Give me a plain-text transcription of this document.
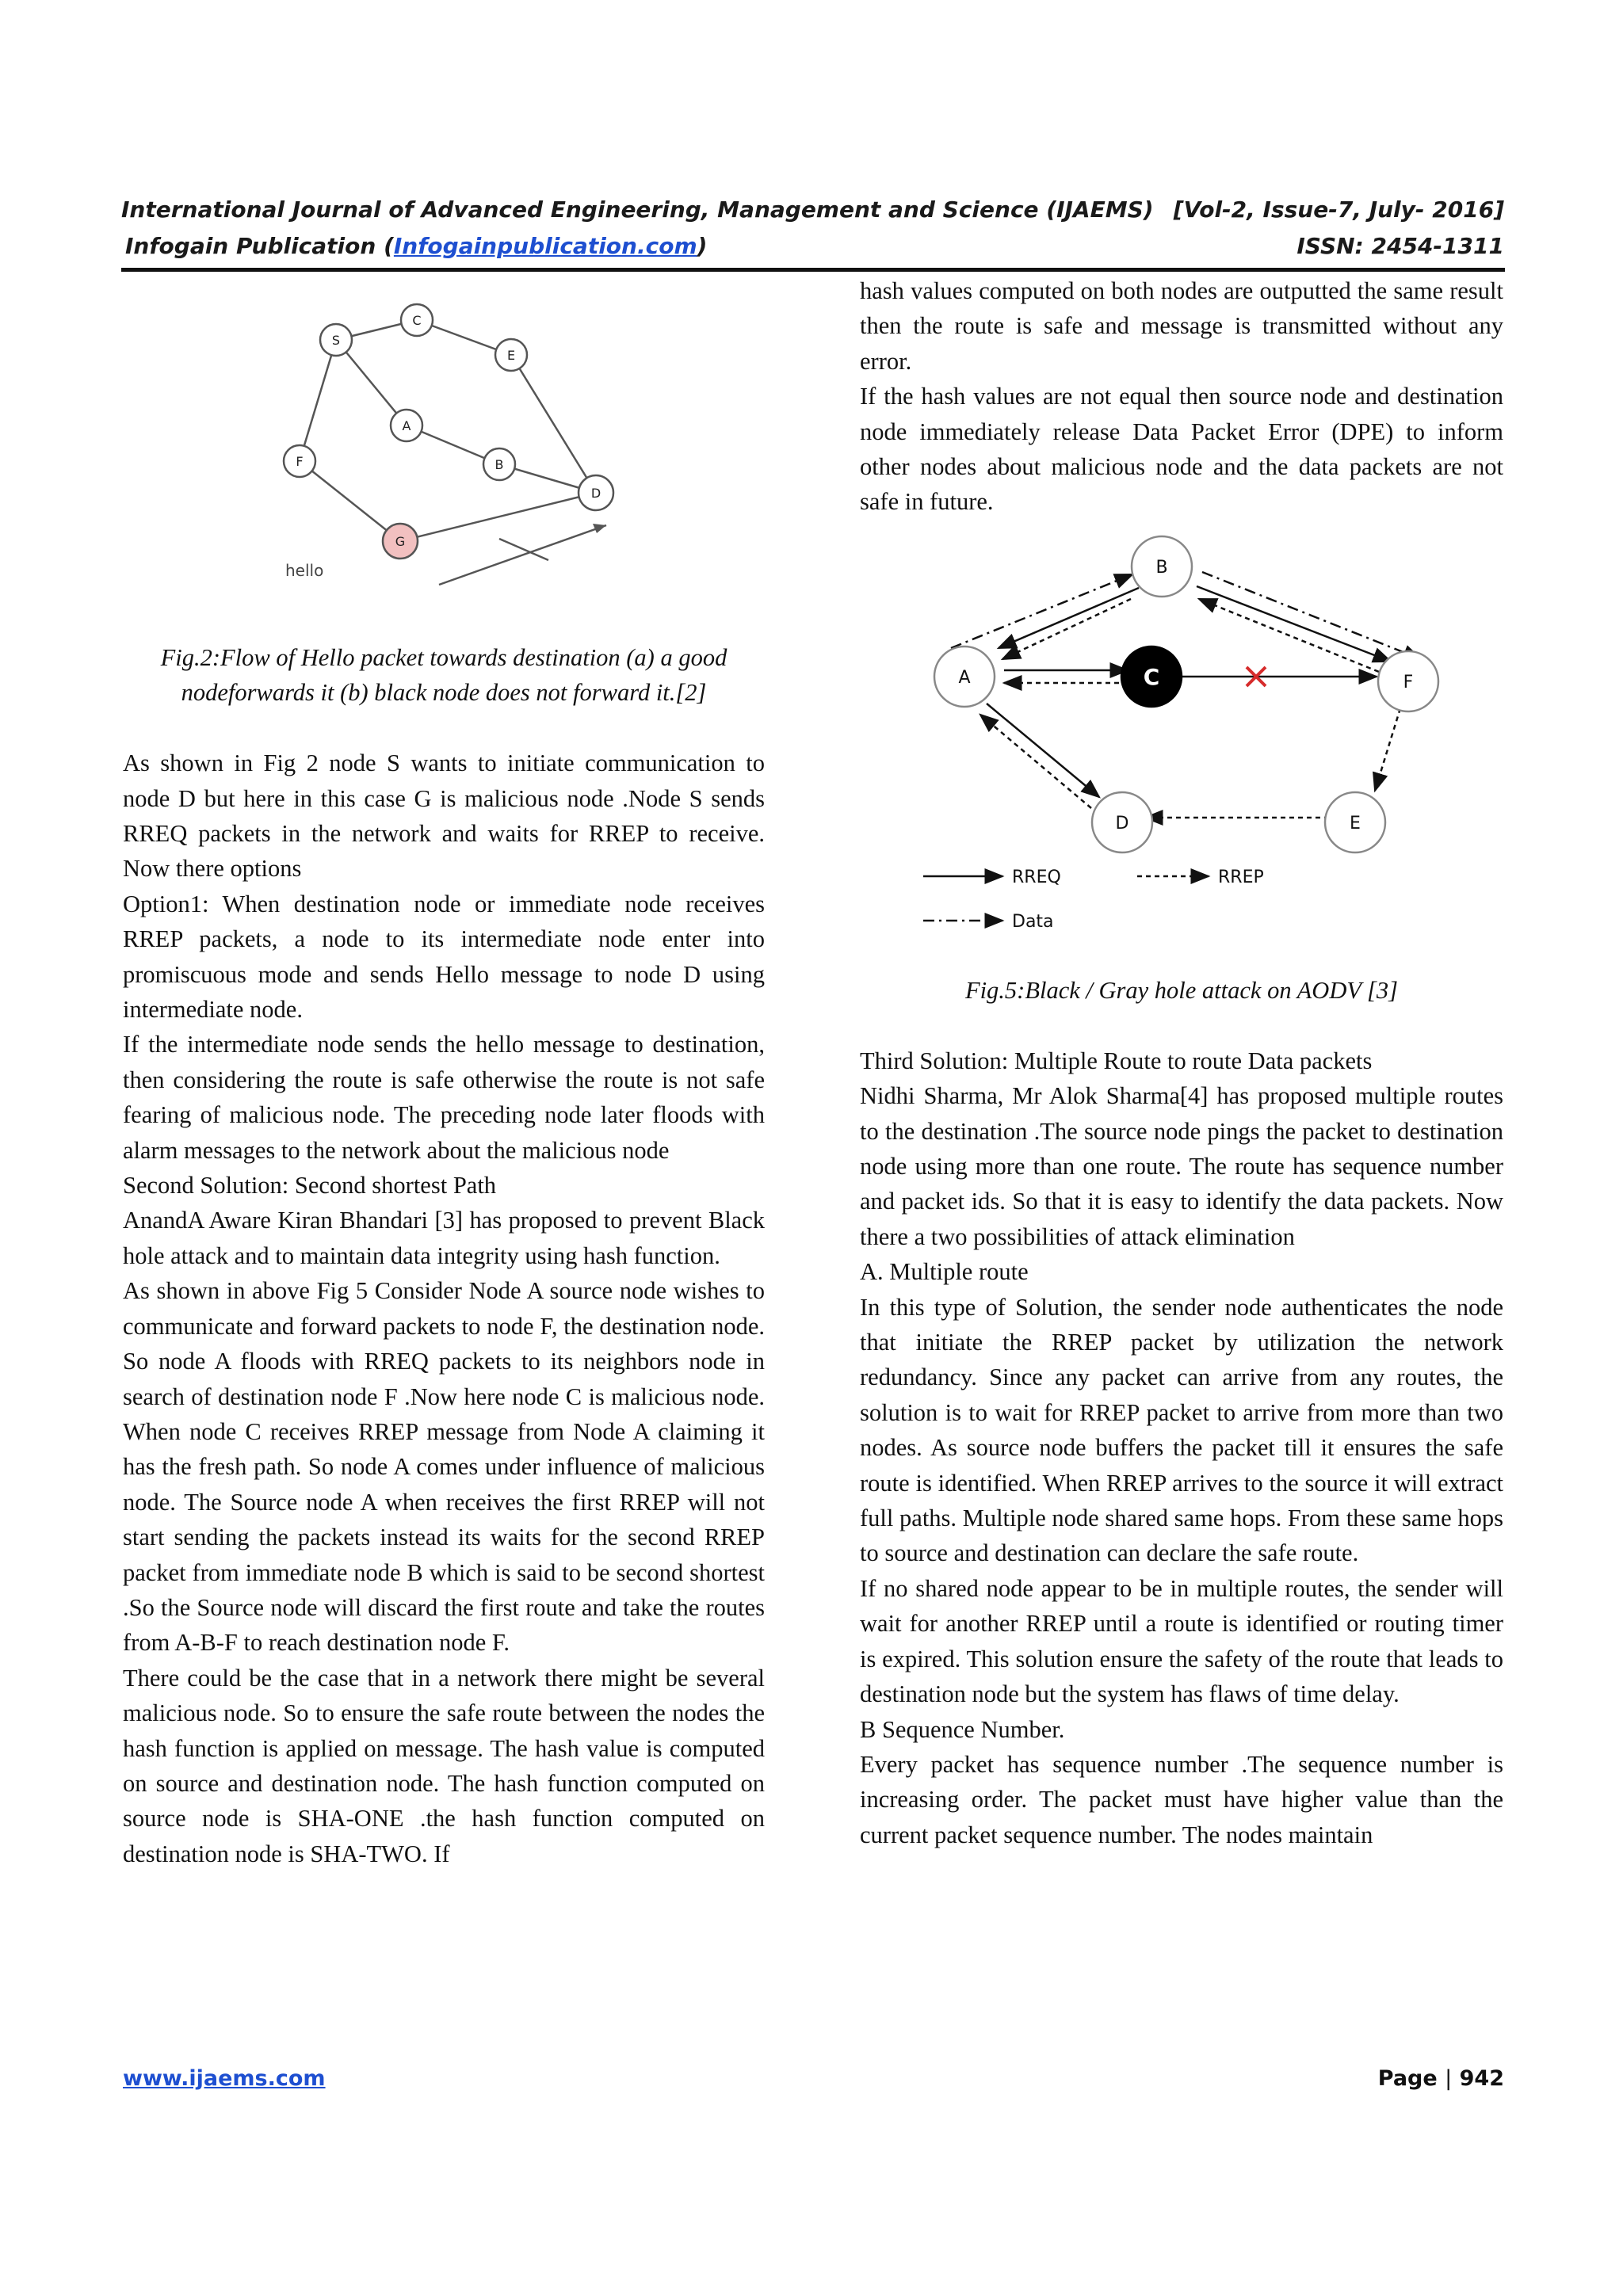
International Journal of Advanced Engineering, Management and Science (IJAEMS) [Vol-2, Issue-7, July- 2016]
Infogain Publication (Infogainpublication.com)	ISSN: 2454-1311
C
E
S
A
B
F
D
G
hello

Fig.2:Flow of Hello packet towards destination (a) a good

nodeforwards it (b) black node does not forward it.[2]

As shown in Fig 2 node S wants to initiate communication to node D but here in this case G is malicious node .Node S sends RREQ packets in the network and waits for RREP to receive. Now there options

Option1: When destination node or immediate node receives RREP packets, a node to its intermediate node enter into promiscuous mode and sends Hello message to node D using intermediate node.

If the intermediate node sends the hello message to destination, then considering the route is safe otherwise the route is not safe fearing of malicious node. The preceding node later floods with alarm messages to the network about the malicious node

Second Solution: Second shortest Path

AnandA Aware Kiran Bhandari [3] has proposed to prevent Black hole attack and to maintain data integrity using hash function.

As shown in above Fig 5 Consider Node A source node wishes to communicate and forward packets to node F, the destination node. So node A floods with RREQ packets to its neighbors node in search of destination node F .Now here node C is malicious node. When node C receives RREP message from Node A claiming it has the fresh path. So node A comes under influence of malicious node. The Source node A when receives the first RREP will not start sending the packets instead its waits for the second RREP packet from immediate node B which is said to be second shortest .So the Source node will discard the first route and take the routes from A-B-F to reach destination node F.

There could be the case that in a network there might be several malicious node. So to ensure the safe route between the nodes the hash function is applied on message. The hash value is computed on source and destination node. The hash function computed on source node is SHA-ONE .the hash function computed on destination node is SHA-TWO. If

hash values computed on both nodes are outputted the same result then the route is safe and message is transmitted without any error.

If the hash values are not equal then source node and destination node immediately release Data Packet Error (DPE) to inform other nodes about malicious node and the data packets are not safe in future.

A
B
C
D	E
F
RREQ	RREP
Data

Fig.5:Black / Gray hole attack on AODV [3]

Third Solution: Multiple Route to route Data packets

Nidhi Sharma, Mr Alok Sharma[4] has proposed multiple routes to the destination .The source node pings the packet to destination node using more than one route. The route has sequence number and packet ids. So that it is easy to identify the data packets. Now there a two possibilities of attack elimination

A. Multiple route

In this type of Solution, the sender node authenticates the node that initiate the RREP packet by utilization the network redundancy. Since any packet can arrive from any routes, the solution is to wait for RREP packet to arrive from more than two nodes. As source node buffers the packet till it ensures the safe route is identified. When RREP arrives to the source it will extract full paths. Multiple node shared same hops. From these same hops to source and destination can declare the safe route.

If no shared node appear to be in multiple routes, the sender will wait for another RREP until a route is identified or routing timer is expired. This solution ensure the safety of the route that leads to destination node but the system has flaws of time delay.

B Sequence Number.

Every packet has sequence number .The sequence number is increasing order. The packet must have higher value than the current packet sequence number. The nodes maintain

www.ijaems.com	Page | 942
